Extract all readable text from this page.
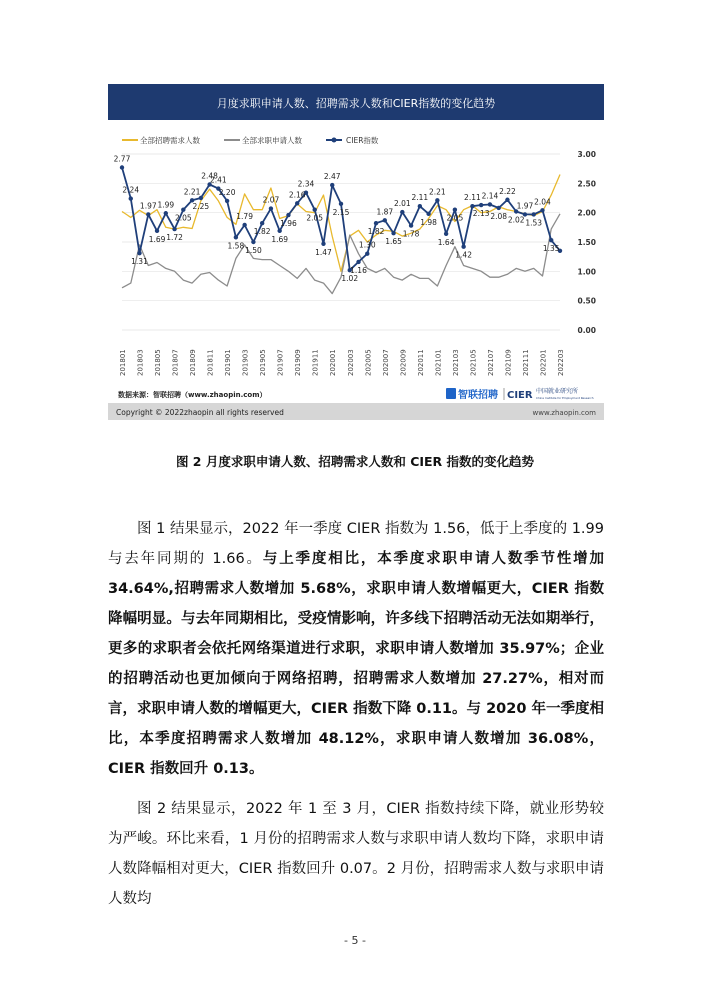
月度求职申请人数、招聘需求人数和CIER指数的变化趋势
全部招聘需求人数	全部求职申请人数	CIER指数
0.00
0.50
1.00
1.50
2.00
2.50
3.00
2.77
2.24
1.31
1.97
1.69
1.99
1.72
2.05
2.21
2.25
2.48
2.41
2.20
1.58
1.79
1.50
1.82
2.07
1.69
1.96
2.16
2.34
2.05
1.47
2.47
2.15
1.02
1.16
1.30
1.82
1.87
1.65
2.01
1.78
2.11
1.98
2.21
1.64
2.05
1.42
2.11
2.13
2.14
2.08
2.22
2.02
1.97
1.53
2.04
1.35
201801 201803 201805 201807 201809 201811 201901 201903 201905 201907 201909 201911 202001 202003 202005 202007 202009 202011 202101 202103 202105 202107 202109 202111 202201 202203
数据来源：智联招聘（www.zhaopin.com）	智联招聘 CIER 中国就业研究所
China Institute for Employment Research
Copyright © 2022zhaopin all rights reserved	www.zhaopin.com
图 2 月度求职申请人数、招聘需求人数和 CIER 指数的变化趋势

图 1 结果显示，2022 年一季度 CIER 指数为 1.56，低于上季度的 1.99 与去年同期的 1.66。与上季度相比，本季度求职申请人数季节性增加 34.64%,招聘需求人数增加 5.68%，求职申请人数增幅更大，CIER 指数降幅明显。与去年同期相比，受疫情影响，许多线下招聘活动无法如期举行，更多的求职者会依托网络渠道进行求职，求职申请人数增加 35.97%；企业的招聘活动也更加倾向于网络招聘，招聘需求人数增加 27.27%，相对而言，求职申请人数的增幅更大，CIER 指数下降 0.11。与 2020 年一季度相比，本季度招聘需求人数增加 48.12%，求职申请人数增加 36.08%，CIER 指数回升 0.13。

图 2 结果显示，2022 年 1 至 3 月，CIER 指数持续下降，就业形势较为严峻。环比来看，1 月份的招聘需求人数与求职申请人数均下降，求职申请人数降幅相对更大，CIER 指数回升 0.07。2 月份，招聘需求人数与求职申请人数均

- 5 -
